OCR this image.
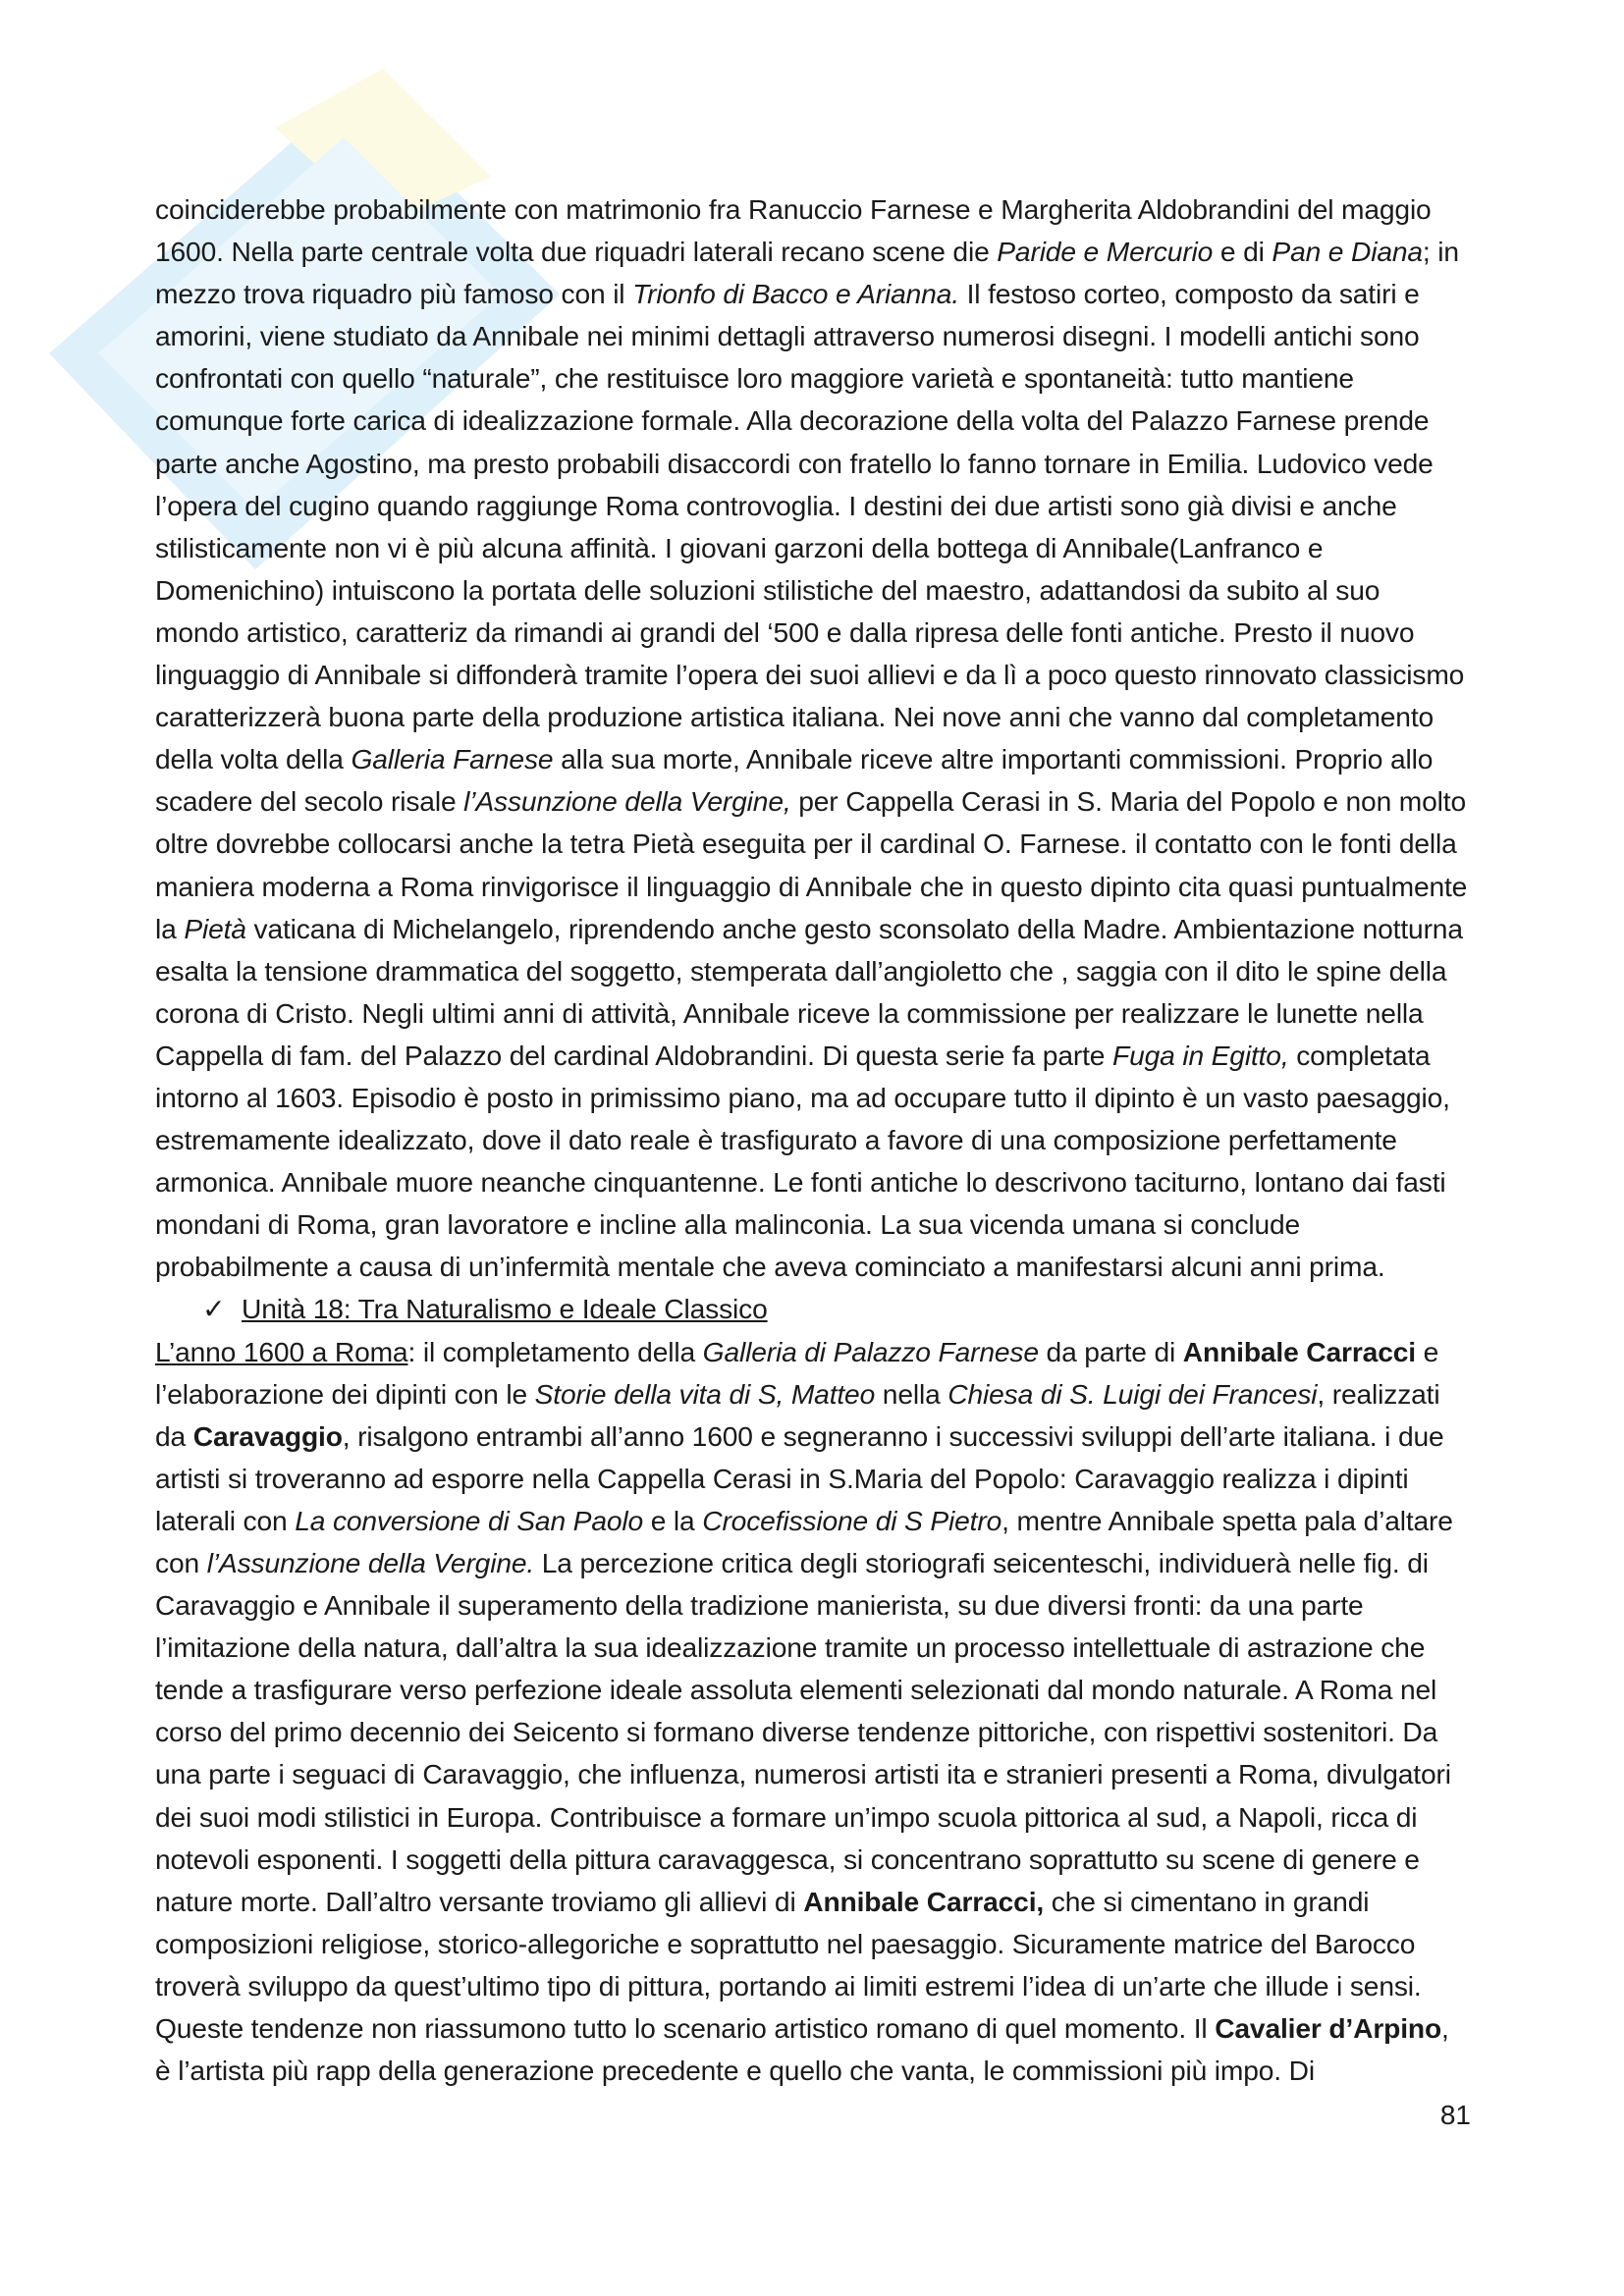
coinciderebbe probabilmente con matrimonio fra Ranuccio Farnese e Margherita Aldobrandini del maggio 1600. Nella parte centrale volta due riquadri laterali recano scene die Paride e Mercurio e di Pan e Diana; in mezzo trova riquadro più famoso con il Trionfo di Bacco e Arianna. Il festoso corteo, composto da satiri e amorini, viene studiato da Annibale nei minimi dettagli attraverso numerosi disegni. I modelli antichi sono confrontati con quello “naturale”, che restituisce loro maggiore varietà e spontaneità: tutto mantiene comunque forte carica di idealizzazione formale. Alla decorazione della volta del Palazzo Farnese prende parte anche Agostino, ma presto probabili disaccordi con fratello lo fanno tornare in Emilia. Ludovico vede l’opera del cugino quando raggiunge Roma controvoglia. I destini dei due artisti sono già divisi e anche stilisticamente non vi è più alcuna affinità. I giovani garzoni della bottega di Annibale(Lanfranco e Domenichino) intuiscono la portata delle soluzioni stilistiche del maestro, adattandosi da subito al suo mondo artistico, caratteriz da rimandi ai grandi del ‘500 e dalla ripresa delle fonti antiche. Presto il nuovo linguaggio di Annibale si diffonderà tramite l’opera dei suoi allievi e da lì a poco questo rinnovato classicismo caratterizzerà buona parte della produzione artistica italiana. Nei nove anni che vanno dal completamento della volta della Galleria Farnese alla sua morte, Annibale riceve altre importanti commissioni. Proprio allo scadere del secolo risale l’Assunzione della Vergine, per Cappella Cerasi in S. Maria del Popolo e non molto oltre dovrebbe collocarsi anche la tetra Pietà eseguita per il cardinal O. Farnese. il contatto con le fonti della maniera moderna a Roma rinvigorisce il linguaggio di Annibale che in questo dipinto cita quasi puntualmente la Pietà vaticana di Michelangelo, riprendendo anche gesto sconsolato della Madre. Ambientazione notturna esalta la tensione drammatica del soggetto, stemperata dall’angioletto che , saggia con il dito le spine della corona di Cristo. Negli ultimi anni di attività, Annibale riceve la commissione per realizzare le lunette nella Cappella di fam. del Palazzo del cardinal Aldobrandini. Di questa serie fa parte Fuga in Egitto, completata intorno al 1603. Episodio è posto in primissimo piano, ma ad occupare tutto il dipinto è un vasto paesaggio, estremamente idealizzato, dove il dato reale è trasfigurato a favore di una composizione perfettamente armonica. Annibale muore neanche cinquantenne. Le fonti antiche lo descrivono taciturno, lontano dai fasti mondani di Roma, gran lavoratore e incline alla malinconia. La sua vicenda umana si conclude probabilmente a causa di un’infermità mentale che aveva cominciato a manifestarsi alcuni anni prima.

✓ Unità 18: Tra Naturalismo e Ideale Classico

L’anno 1600 a Roma: il completamento della Galleria di Palazzo Farnese da parte di Annibale Carracci e l’elaborazione dei dipinti con le Storie della vita di S, Matteo nella Chiesa di S. Luigi dei Francesi, realizzati da Caravaggio, risalgono entrambi all’anno 1600 e segneranno i successivi sviluppi dell’arte italiana. i due artisti si troveranno ad esporre nella Cappella Cerasi in S.Maria del Popolo: Caravaggio realizza i dipinti laterali con La conversione di San Paolo e la Crocefissione di S Pietro, mentre Annibale spetta pala d’altare con l’Assunzione della Vergine. La percezione critica degli storiografi seicenteschi, individuerà nelle fig. di Caravaggio e Annibale il superamento della tradizione manierista, su due diversi fronti: da una parte l’imitazione della natura, dall’altra la sua idealizzazione tramite un processo intellettuale di astrazione che tende a trasfigurare verso perfezione ideale assoluta elementi selezionati dal mondo naturale. A Roma nel corso del primo decennio dei Seicento si formano diverse tendenze pittoriche, con rispettivi sostenitori. Da una parte i seguaci di Caravaggio, che influenza, numerosi artisti ita e stranieri presenti a Roma, divulgatori dei suoi modi stilistici in Europa. Contribuisce a formare un’impo scuola pittorica al sud, a Napoli, ricca di notevoli esponenti. I soggetti della pittura caravaggesca, si concentrano soprattutto su scene di genere e nature morte. Dall’altro versante troviamo gli allievi di Annibale Carracci, che si cimentano in grandi composizioni religiose, storico-allegoriche e soprattutto nel paesaggio. Sicuramente matrice del Barocco troverà sviluppo da quest’ultimo tipo di pittura, portando ai limiti estremi l’idea di un’arte che illude i sensi. Queste tendenze non riassumono tutto lo scenario artistico romano di quel momento. Il Cavalier d’Arpino, è l’artista più rapp della generazione precedente e quello che vanta, le commissioni più impo. Di

81
